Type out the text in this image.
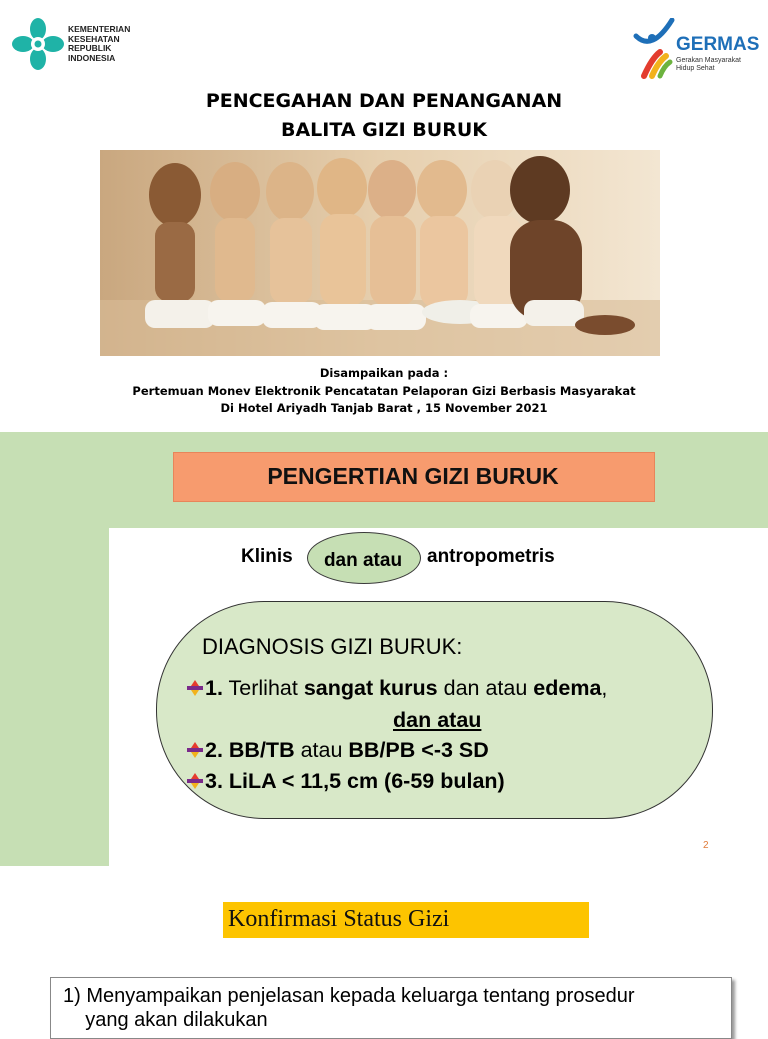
KEMENTERIAN
KESEHATAN
REPUBLIK
INDONESIA
GERMAS
Gerakan Masyarakat
Hidup Sehat
PENCEGAHAN DAN PENANGANAN
BALITA GIZI BURUK
Disampaikan pada :
Pertemuan Monev Elektronik Pencatatan Pelaporan Gizi Berbasis Masyarakat
Di Hotel Ariyadh Tanjab Barat , 15 November 2021
PENGERTIAN GIZI BURUK
Klinis	dan atau	antropometris
DIAGNOSIS GIZI BURUK:
1. Terlihat sangat kurus dan atau edema,
dan atau
2. BB/TB atau BB/PB <-3 SD
3. LiLA < 11,5 cm (6-59 bulan)
2
Konfirmasi Status Gizi
1) Menyampaikan penjelasan kepada keluarga tentang prosedur
yang akan dilakukan
